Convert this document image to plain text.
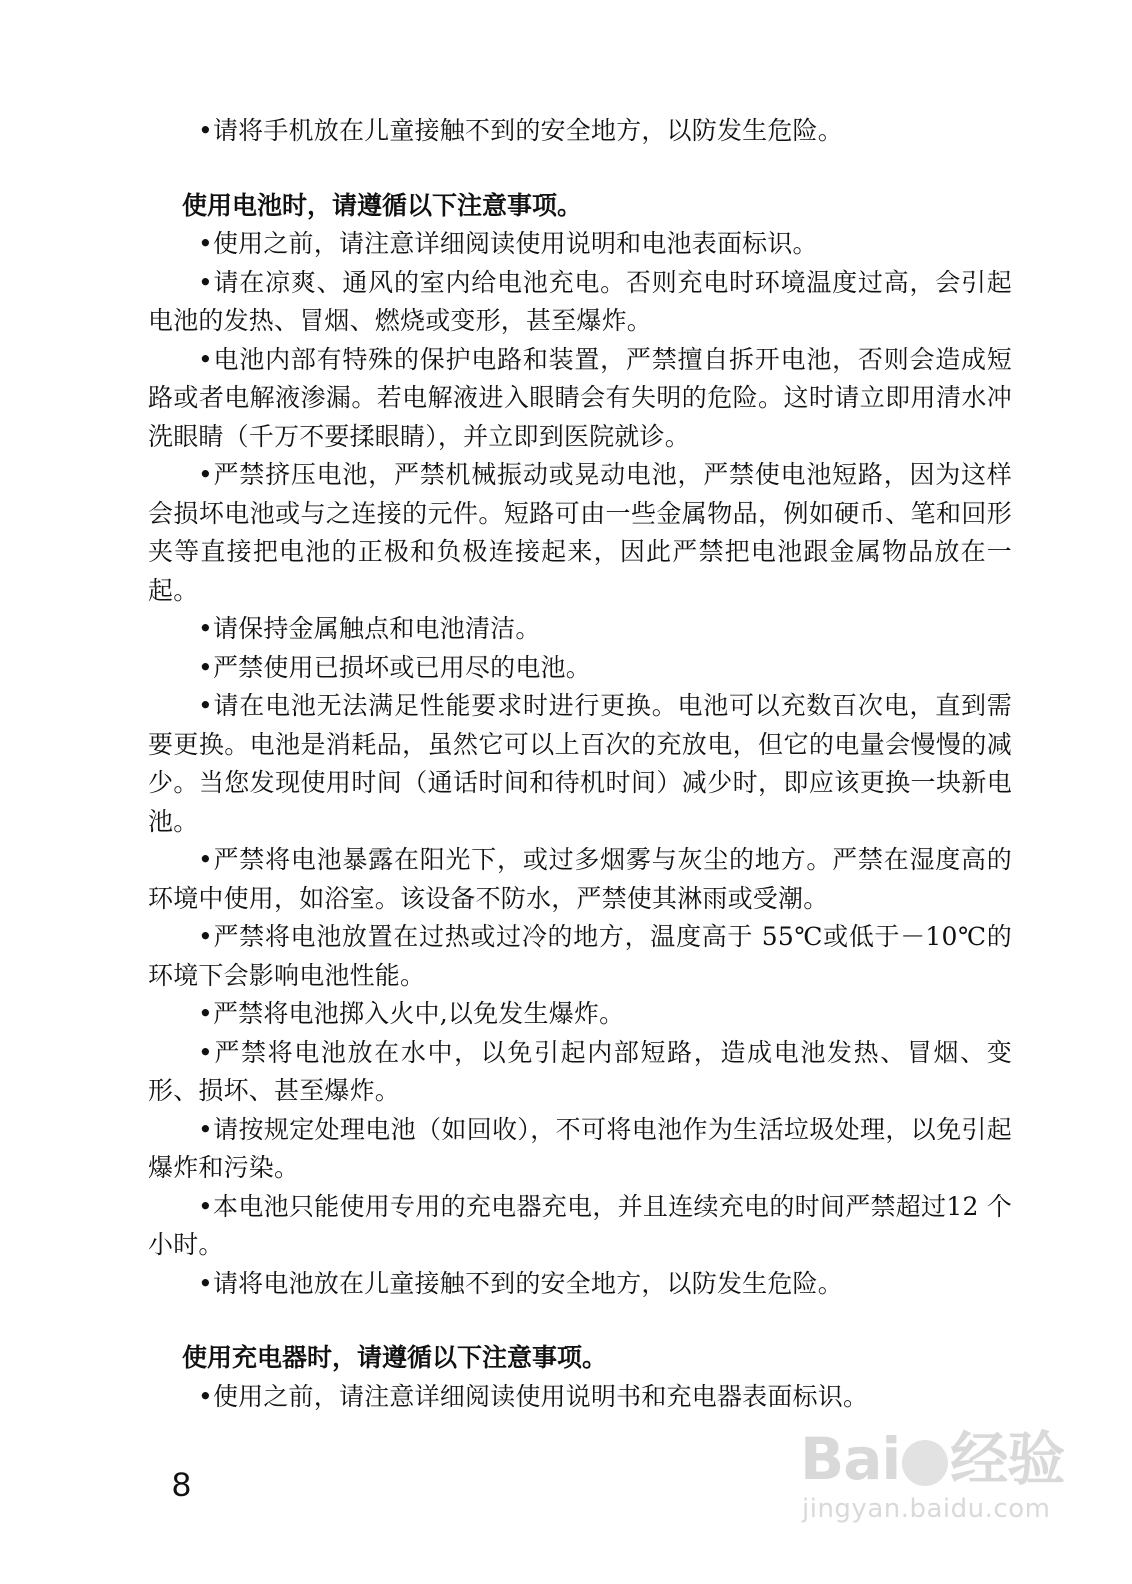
•请将手机放在儿童接触不到的安全地方，以防发生危险。

使用电池时，请遵循以下注意事项。

•使用之前，请注意详细阅读使用说明和电池表面标识。

•请在凉爽、通风的室内给电池充电。否则充电时环境温度过高，会引起电池的发热、冒烟、燃烧或变形，甚至爆炸。

•电池内部有特殊的保护电路和装置，严禁擅自拆开电池，否则会造成短路或者电解液渗漏。若电解液进入眼睛会有失明的危险。这时请立即用清水冲洗眼睛（千万不要揉眼睛），并立即到医院就诊。

•严禁挤压电池，严禁机械振动或晃动电池，严禁使电池短路，因为这样会损坏电池或与之连接的元件。短路可由一些金属物品，例如硬币、笔和回形夹等直接把电池的正极和负极连接起来，因此严禁把电池跟金属物品放在一起。

•请保持金属触点和电池清洁。

•严禁使用已损坏或已用尽的电池。

•请在电池无法满足性能要求时进行更换。电池可以充数百次电，直到需要更换。电池是消耗品，虽然它可以上百次的充放电，但它的电量会慢慢的减少。当您发现使用时间（通话时间和待机时间）减少时，即应该更换一块新电池。

•严禁将电池暴露在阳光下，或过多烟雾与灰尘的地方。严禁在湿度高的环境中使用，如浴室。该设备不防水，严禁使其淋雨或受潮。

•严禁将电池放置在过热或过冷的地方，温度高于 55℃或低于－10℃的环境下会影响电池性能。

•严禁将电池掷入火中,以免发生爆炸。

•严禁将电池放在水中，以免引起内部短路，造成电池发热、冒烟、变形、损坏、甚至爆炸。

•请按规定处理电池（如回收），不可将电池作为生活垃圾处理，以免引起爆炸和污染。

•本电池只能使用专用的充电器充电，并且连续充电的时间严禁超过12 个小时。

•请将电池放在儿童接触不到的安全地方，以防发生危险。

使用充电器时，请遵循以下注意事项。

•使用之前，请注意详细阅读使用说明书和充电器表面标识。

8	Bai 经验
jingyan.baidu.com
